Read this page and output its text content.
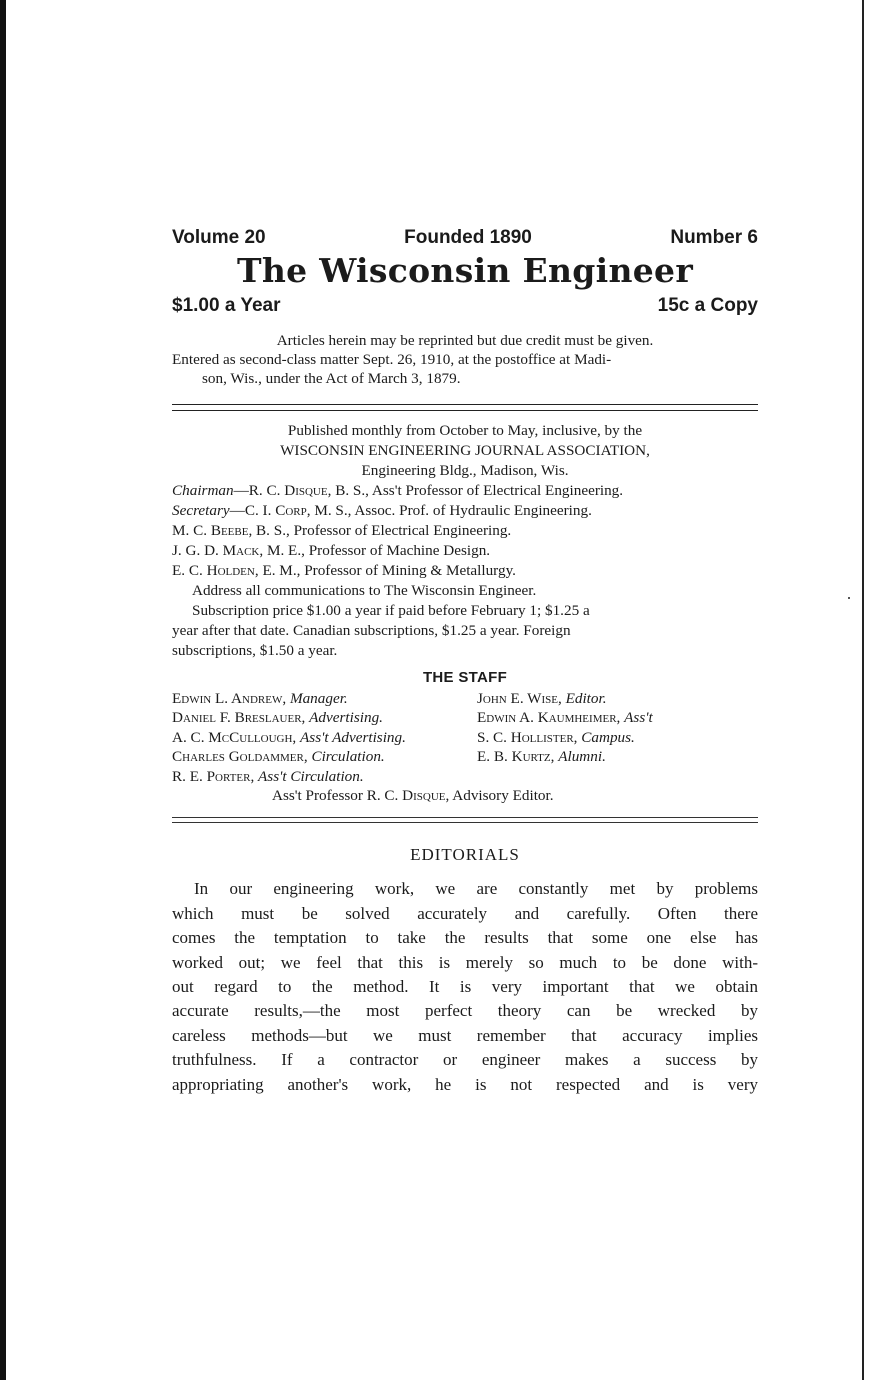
Volume 20	Founded 1890	Number 6
The Wisconsin Engineer
$1.00 a Year	15c a Copy
Articles herein may be reprinted but due credit must be given.
Entered as second-class matter Sept. 26, 1910, at the postoffice at Madi-
son, Wis., under the Act of March 3, 1879.
Published monthly from October to May, inclusive, by the
WISCONSIN ENGINEERING JOURNAL ASSOCIATION,
Engineering Bldg., Madison, Wis.
Chairman—R. C. Disque, B. S., Ass't Professor of Electrical Engineering.
Secretary—C. I. Corp, M. S., Assoc. Prof. of Hydraulic Engineering.
M. C. Beebe, B. S., Professor of Electrical Engineering.
J. G. D. Mack, M. E., Professor of Machine Design.
E. C. Holden, E. M., Professor of Mining & Metallurgy.
Address all communications to The Wisconsin Engineer.
Subscription price $1.00 a year if paid before February 1; $1.25 a
year after that date. Canadian subscriptions, $1.25 a year. Foreign
subscriptions, $1.50 a year.
THE STAFF
Edwin L. Andrew, Manager.	John E. Wise, Editor.
Daniel F. Breslauer, Advertising.	Edwin A. Kaumheimer, Ass't
A. C. McCullough, Ass't Advertising.	S. C. Hollister, Campus.
Charles Goldammer, Circulation.	E. B. Kurtz, Alumni.
R. E. Porter, Ass't Circulation.
Ass't Professor R. C. Disque, Advisory Editor.
EDITORIALS
In our engineering work, we are constantly met by problems
which must be solved accurately and carefully. Often there
comes the temptation to take the results that some one else has
worked out; we feel that this is merely so much to be done with-
out regard to the method. It is very important that we obtain
accurate results,—the most perfect theory can be wrecked by
careless methods—but we must remember that accuracy implies
truthfulness. If a contractor or engineer makes a success by
appropriating another's work, he is not respected and is very
